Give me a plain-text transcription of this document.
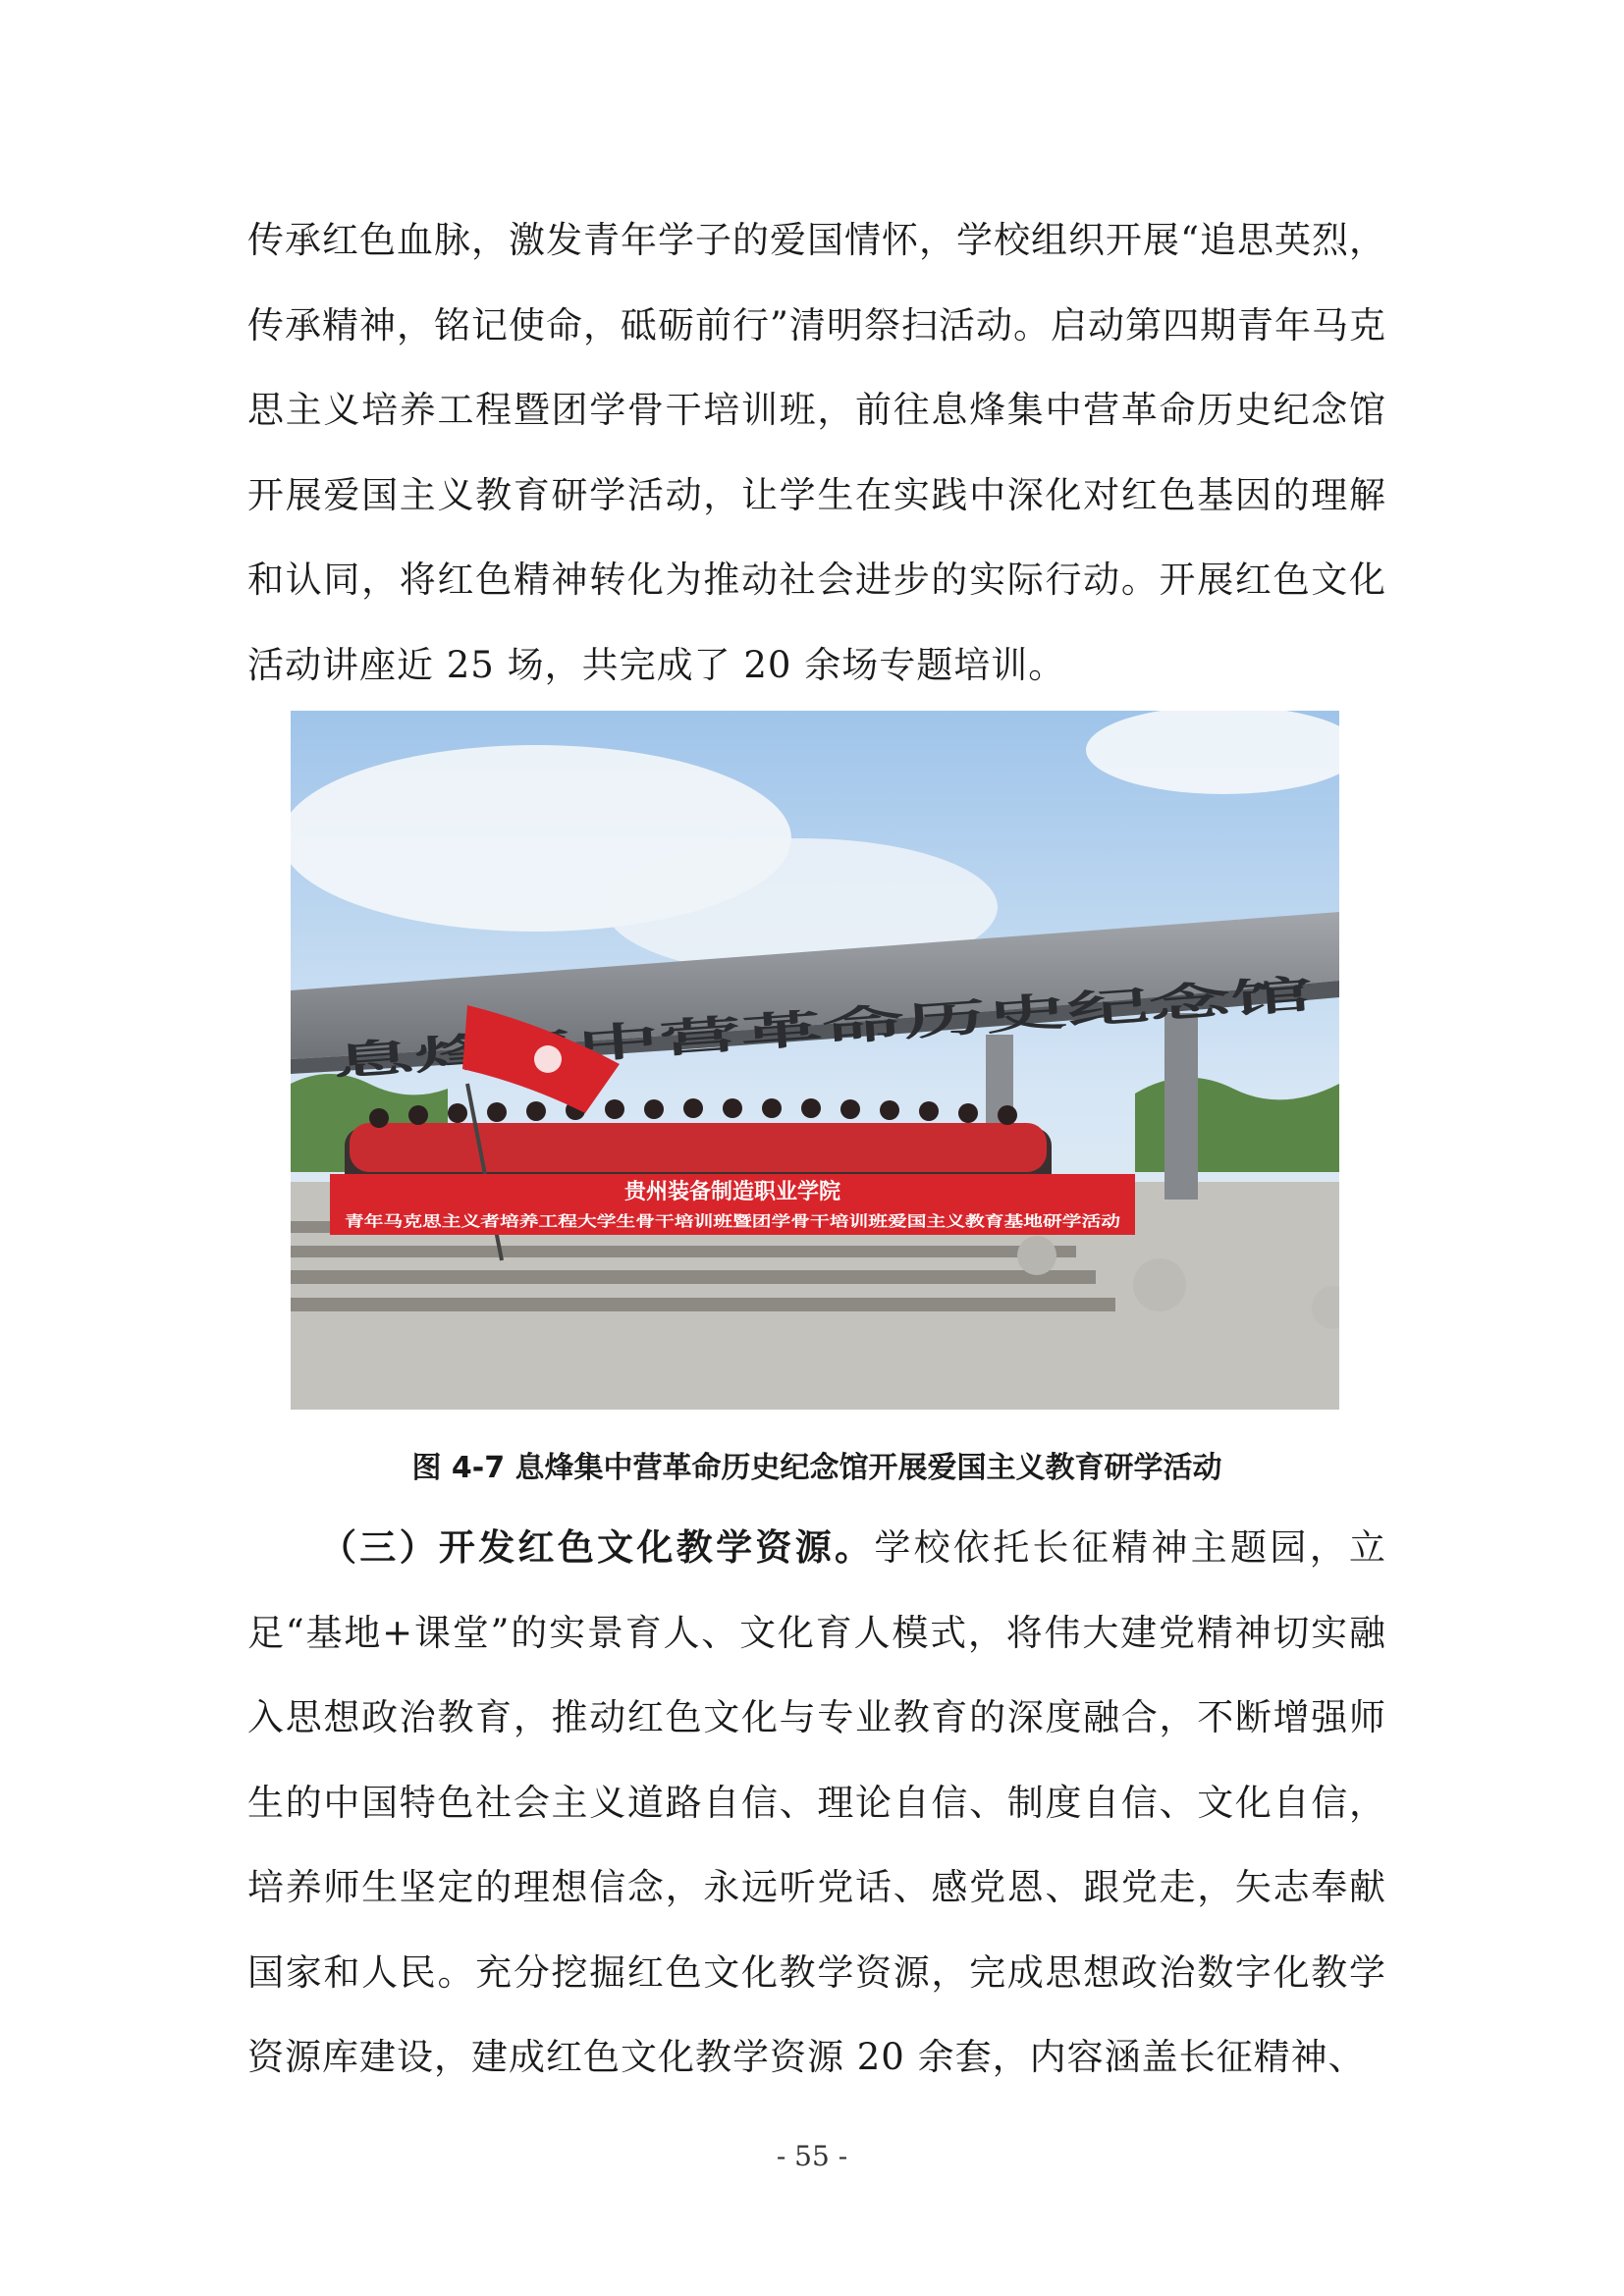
传承红色血脉，激发青年学子的爱国情怀，学校组织开展“追思英烈，传承精神，铭记使命，砥砺前行”清明祭扫活动。启动第四期青年马克思主义培养工程暨团学骨干培训班，前往息烽集中营革命历史纪念馆开展爱国主义教育研学活动，让学生在实践中深化对红色基因的理解和认同，将红色精神转化为推动社会进步的实际行动。开展红色文化活动讲座近 25 场，共完成了 20 余场专题培训。

贵州装备制造职业学院
青年马克思主义者培养工程大学生骨干培训班暨团学骨干培训班爱国主义教育基地研学活动
图 4-7 息烽集中营革命历史纪念馆开展爱国主义教育研学活动

（三）开发红色文化教学资源。学校依托长征精神主题园，立足“基地+课堂”的实景育人、文化育人模式，将伟大建党精神切实融入思想政治教育，推动红色文化与专业教育的深度融合，不断增强师生的中国特色社会主义道路自信、理论自信、制度自信、文化自信，培养师生坚定的理想信念，永远听党话、感党恩、跟党走，矢志奉献国家和人民。充分挖掘红色文化教学资源，完成思想政治数字化教学资源库建设，建成红色文化教学资源 20 余套，内容涵盖长征精神、

- 55 -
